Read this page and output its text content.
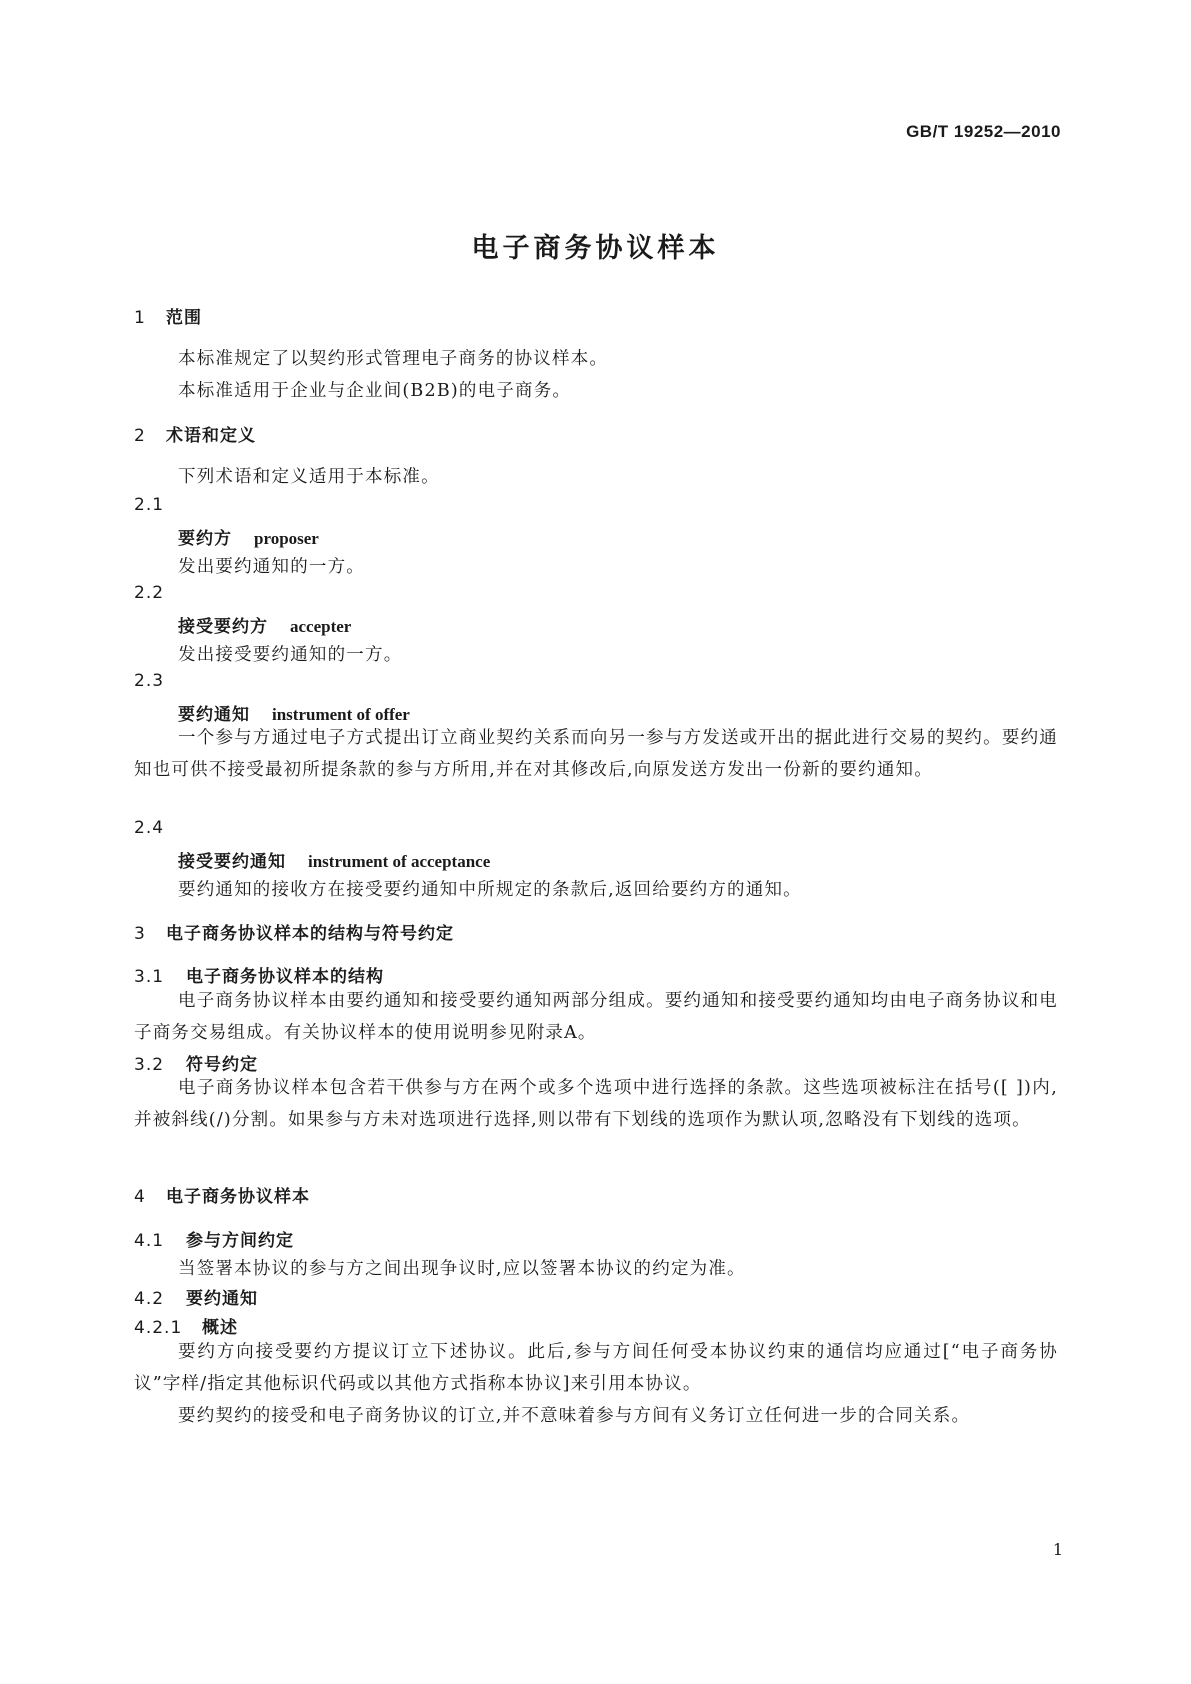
GB/T 19252—2010
电子商务协议样本
1 范围
本标准规定了以契约形式管理电子商务的协议样本。
本标准适用于企业与企业间(B2B)的电子商务。
2 术语和定义
下列术语和定义适用于本标准。
2.1
要约方 proposer
发出要约通知的一方。
2.2
接受要约方 accepter
发出接受要约通知的一方。
2.3
要约通知 instrument of offer
一个参与方通过电子方式提出订立商业契约关系而向另一参与方发送或开出的据此进行交易的契约。要约通知也可供不接受最初所提条款的参与方所用,并在对其修改后,向原发送方发出一份新的要约通知。
2.4
接受要约通知 instrument of acceptance
要约通知的接收方在接受要约通知中所规定的条款后,返回给要约方的通知。
3 电子商务协议样本的结构与符号约定
3.1 电子商务协议样本的结构
电子商务协议样本由要约通知和接受要约通知两部分组成。要约通知和接受要约通知均由电子商务协议和电子商务交易组成。有关协议样本的使用说明参见附录A。
3.2 符号约定
电子商务协议样本包含若干供参与方在两个或多个选项中进行选择的条款。这些选项被标注在括号([ ])内,并被斜线(/)分割。如果参与方未对选项进行选择,则以带有下划线的选项作为默认项,忽略没有下划线的选项。
4 电子商务协议样本
4.1 参与方间约定
当签署本协议的参与方之间出现争议时,应以签署本协议的约定为准。
4.2 要约通知
4.2.1 概述
要约方向接受要约方提议订立下述协议。此后,参与方间任何受本协议约束的通信均应通过[“电子商务协议”字样/指定其他标识代码或以其他方式指称本协议]来引用本协议。
要约契约的接受和电子商务协议的订立,并不意味着参与方间有义务订立任何进一步的合同关系。
1
